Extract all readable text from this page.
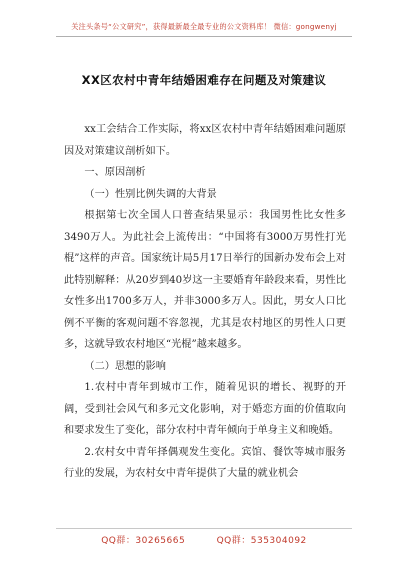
关注头条号“公文研究”，获得最新最全最专业的公文资料库！ 微信：gongwenyj
XX区农村中青年结婚困难存在问题及对策建议

xx工会结合工作实际，将xx区农村中青年结婚困难问题原因及对策建议剖析如下。

一、原因剖析

（一）性别比例失调的大背景

根据第七次全国人口普查结果显示：我国男性比女性多3490万人。为此社会上流传出：“中国将有3000万男性打光棍”这样的声音。国家统计局5月17日举行的国新办发布会上对此特别解释：从20岁到40岁这一主要婚育年龄段来看，男性比女性多出1700多万人，并非3000多万人。因此，男女人口比例不平衡的客观问题不容忽视，尤其是农村地区的男性人口更多，这就导致农村地区“光棍”越来越多。

（二）思想的影响

1.农村中青年到城市工作，随着见识的增长、视野的开阔，受到社会风气和多元文化影响，对于婚恋方面的价值取向和要求发生了变化，部分农村中青年倾向于单身主义和晚婚。

2.农村女中青年择偶观发生变化。宾馆、餐饮等城市服务行业的发展，为农村女中青年提供了大量的就业机会

QQ群：30265665	QQ群：535304092
